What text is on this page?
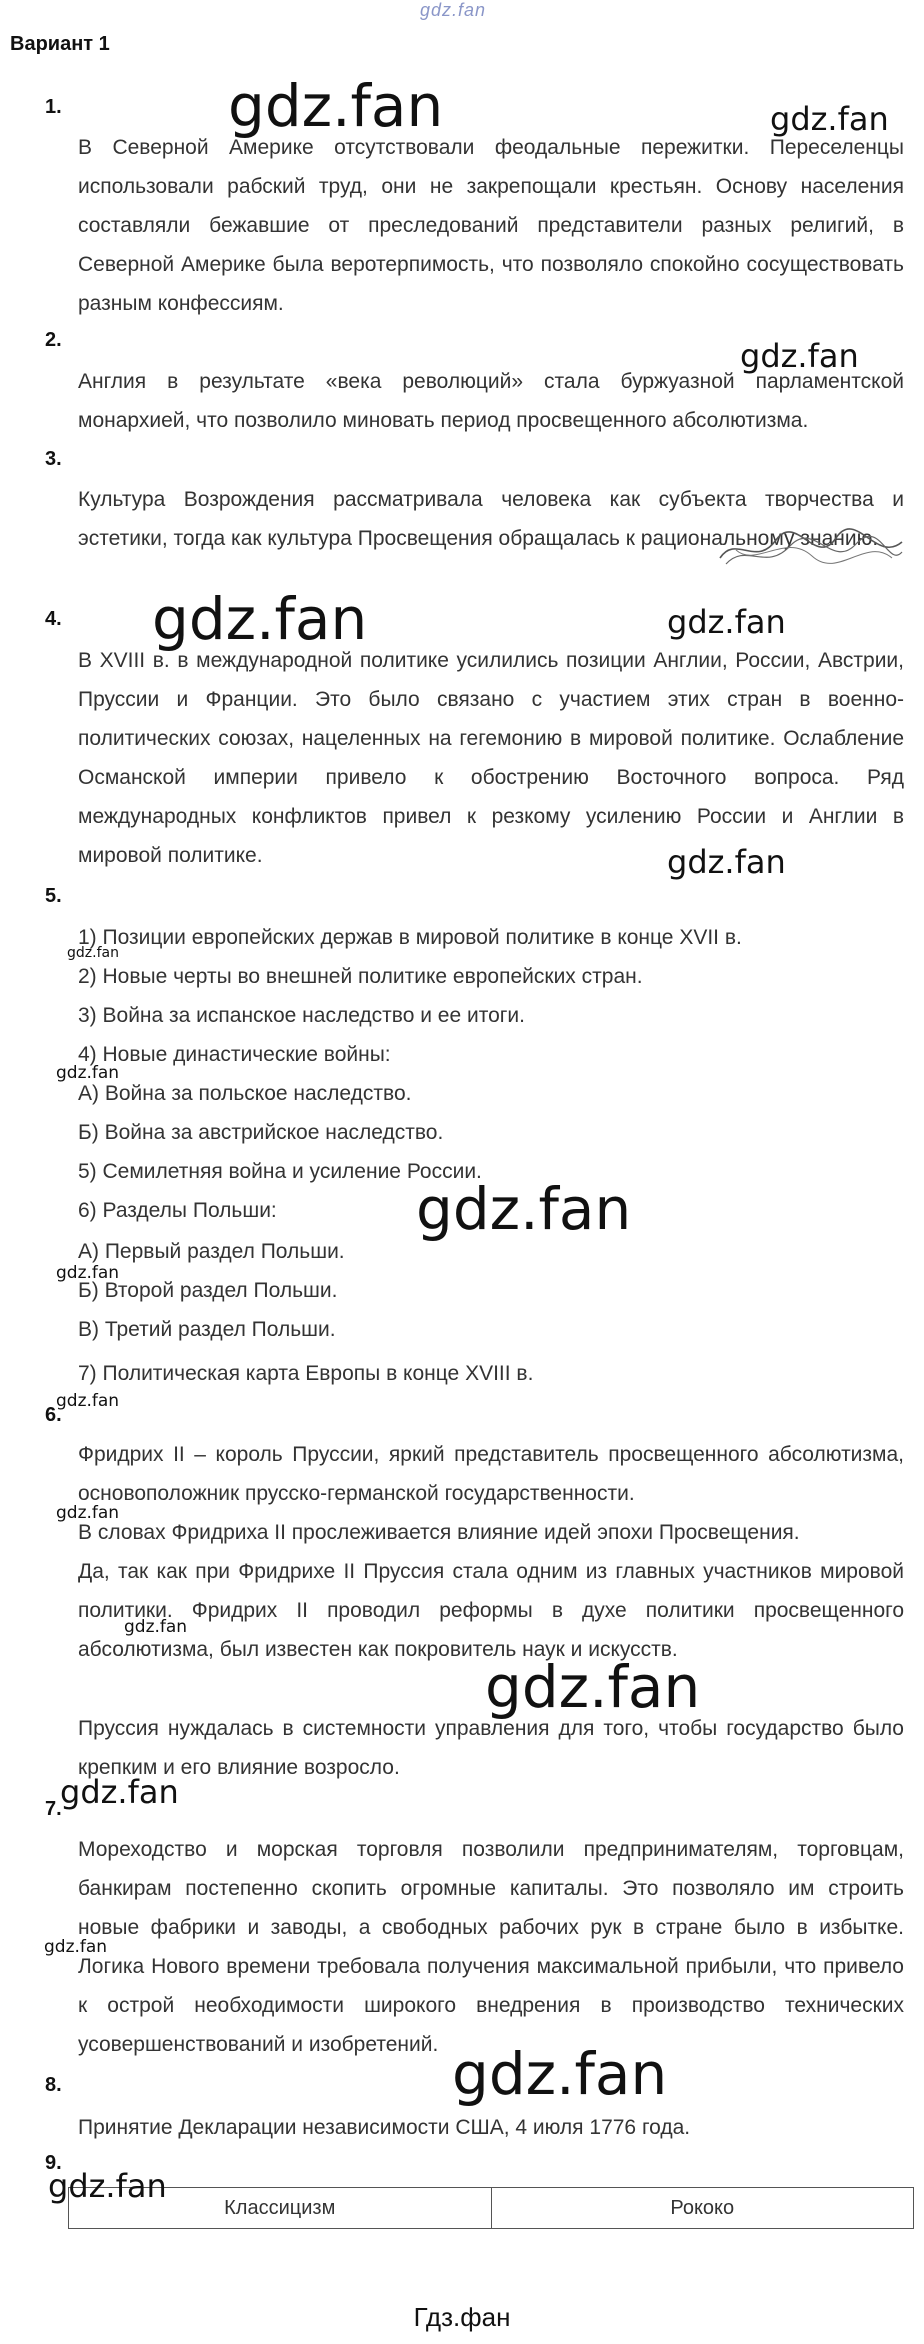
gdz.fan
Вариант 1
1.
В Северной Америке отсутствовали феодальные пережитки. Переселенцы использовали рабский труд, они не закрепощали крестьян. Основу населения составляли бежавшие от преследований представители разных религий, в Северной Америке была веротерпимость, что позволяло спокойно сосуществовать разным конфессиям.
2.
Англия в результате «века революций» стала буржуазной парламентской монархией, что позволило миновать период просвещенного абсолютизма.
3.
Культура Возрождения рассматривала человека как субъекта творчества и эстетики, тогда как культура Просвещения обращалась к рациональному знанию.
4.
В XVIII в. в международной политике усилились позиции Англии, России, Австрии, Пруссии и Франции. Это было связано с участием этих стран в военно-политических союзах, нацеленных на гегемонию в мировой политике. Ослабление Османской империи привело к обострению Восточного вопроса. Ряд международных конфликтов привел к резкому усилению России и Англии в мировой политике.
5.
1) Позиции европейских держав в мировой политике в конце XVII в.
2) Новые черты во внешней политике европейских стран.
3) Война за испанское наследство и ее итоги.
4) Новые династические войны:
А) Война за польское наследство.
Б) Война за австрийское наследство.
5) Семилетняя война и усиление России.
6) Разделы Польши:
А) Первый раздел Польши.
Б) Второй раздел Польши.
В) Третий раздел Польши.
7) Политическая карта Европы в конце XVIII в.
6.
Фридрих II – король Пруссии, яркий представитель просвещенного абсолютизма, основоположник прусско-германской государственности.
В словах Фридриха II прослеживается влияние идей эпохи Просвещения.
Да, так как при Фридрихе II Пруссия стала одним из главных участников мировой политики. Фридрих II проводил реформы в духе политики просвещенного абсолютизма, был известен как покровитель наук и искусств.
Пруссия нуждалась в системности управления для того, чтобы государство было крепким и его влияние возросло.
7.
Мореходство и морская торговля позволили предпринимателям, торговцам, банкирам постепенно скопить огромные капиталы. Это позволяло им строить новые фабрики и заводы, а свободных рабочих рук в стране было в избытке. Логика Нового времени требовала получения максимальной прибыли, что привело к острой необходимости широкого внедрения в производство технических усовершенствований и изобретений.
8.
Принятие Декларации независимости США, 4 июля 1776 года.
9.
Классицизм	Рококо
gdz.fan	gdz.fan
gdz.fan
gdz.fan	gdz.fan
gdz.fan
gdz.fan
gdz.fan
gdz.fan
gdz.fan
gdz.fan
gdz.fan
gdz.fan
gdz.fan
gdz.fan
gdz.fan
gdz.fan
gdz.fan
Гдз.фан
